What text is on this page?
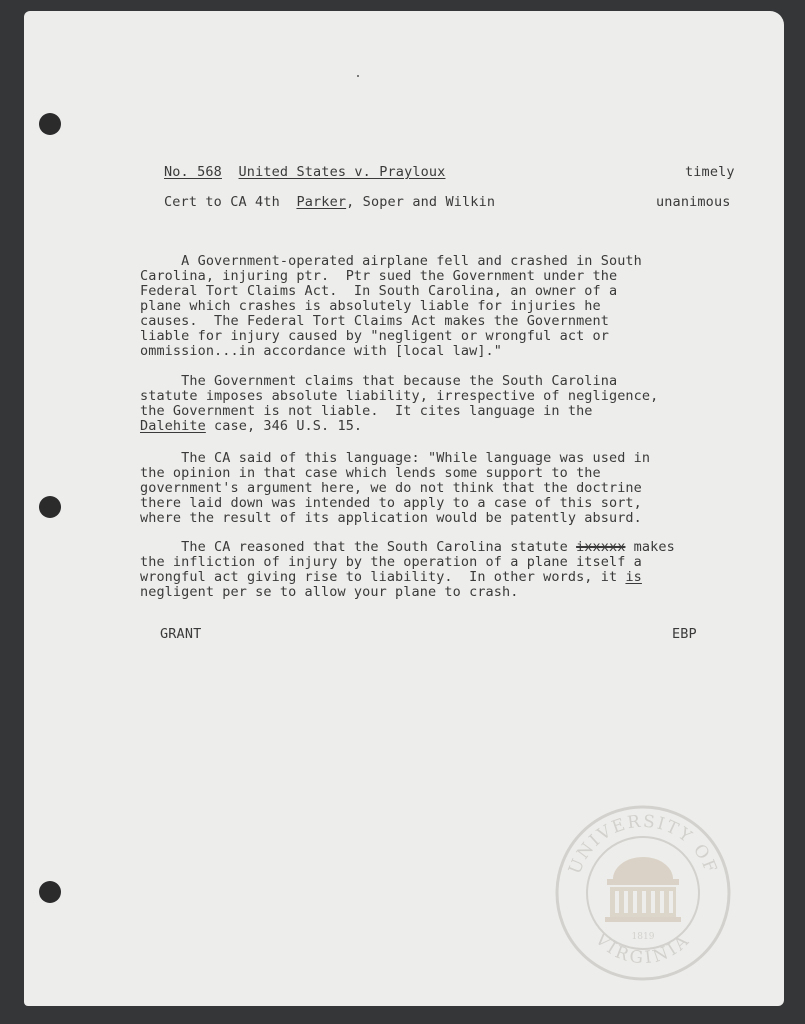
No. 568 United States v. Prayloux	timely
Cert to CA 4th Parker, Soper and Wilkin	unanimous
A Government-operated airplane fell and crashed in South
Carolina, injuring ptr.  Ptr sued the Government under the
Federal Tort Claims Act.  In South Carolina, an owner of a
plane which crashes is absolutely liable for injuries he
causes.  The Federal Tort Claims Act makes the Government
liable for injury caused by "negligent or wrongful act or
ommission...in accordance with [local law]."
The Government claims that because the South Carolina
statute imposes absolute liability, irrespective of negligence,
the Government is not liable.  It cites language in the
Dalehite case, 346 U.S. 15.
The CA said of this language: "While language was used in
the opinion in that case which lends some support to the
government's argument here, we do not think that the doctrine
there laid down was intended to apply to a case of this sort,
where the result of its application would be patently absurd.
The CA reasoned that the South Carolina statute ixxxxx makes
the infliction of injury by the operation of a plane itself a
wrongful act giving rise to liability.  In other words, it is
negligent per se to allow your plane to crash.
GRANT	EBP
UNIVERSITY OF
VIRGINIA
1819
